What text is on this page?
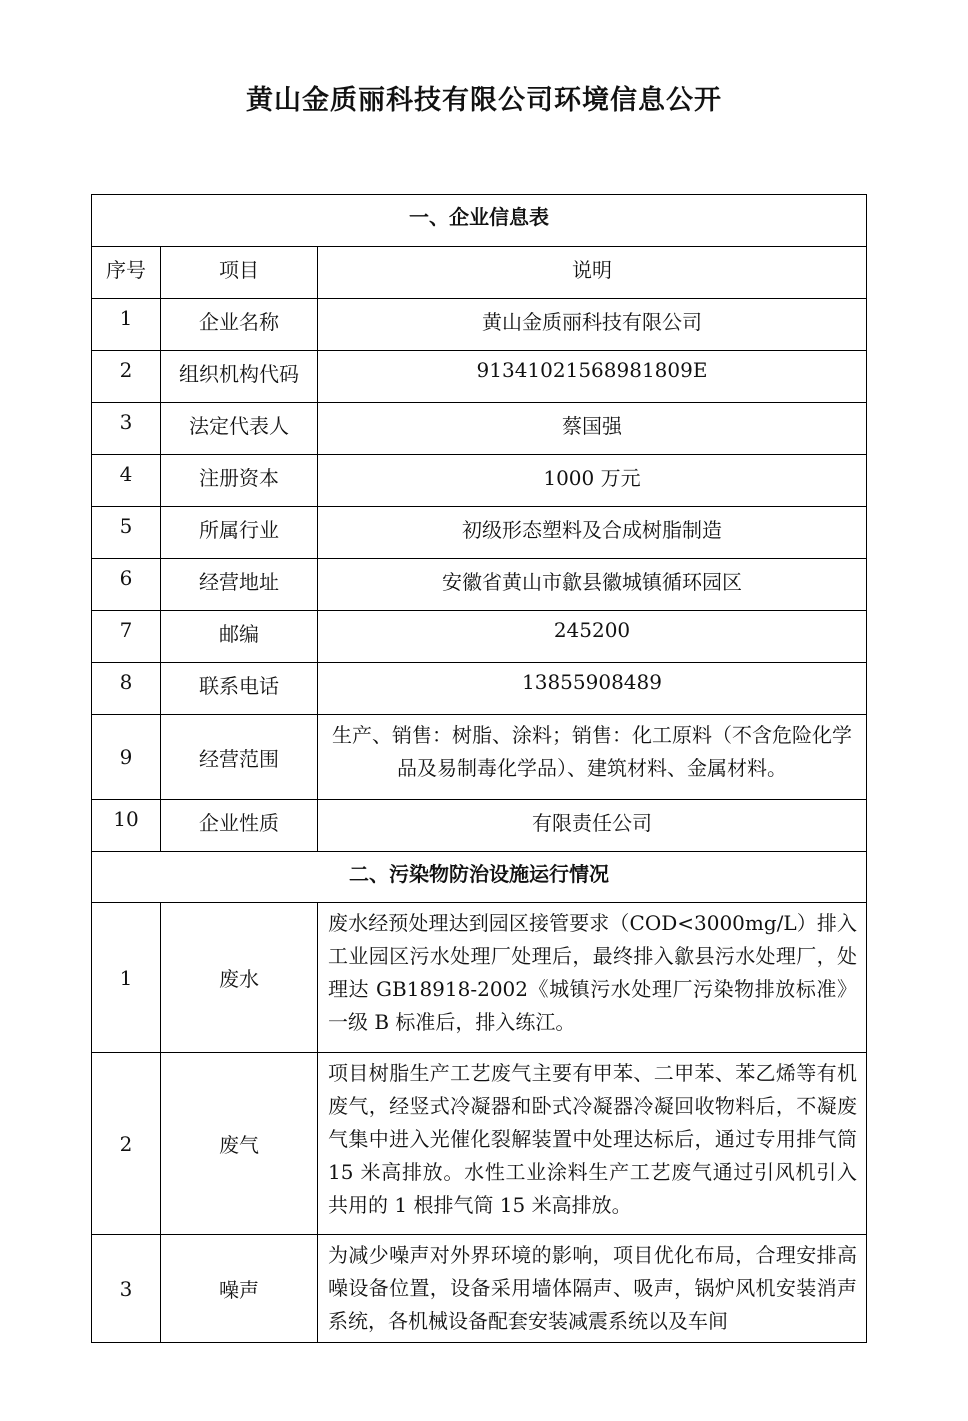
黄山金质丽科技有限公司环境信息公开
一、企业信息表		
序号	项目	说明
1	企业名称	黄山金质丽科技有限公司
2	组织机构代码	91341021568981809E
3	法定代表人	蔡国强
4	注册资本	1000 万元
5	所属行业	初级形态塑料及合成树脂制造
6	经营地址	安徽省黄山市歙县徽城镇循环园区
7	邮编	245200
8	联系电话	13855908489
9	经营范围	生产、销售：树脂、涂料；销售：化工原料（不含危险化学品及易制毒化学品）、建筑材料、金属材料。
10	企业性质	有限责任公司
二、污染物防治设施运行情况		
1	废水	废水经预处理达到园区接管要求（COD<3000mg/L）排入工业园区污水处理厂处理后，最终排入歙县污水处理厂，处理达 GB18918-2002《城镇污水处理厂污染物排放标准》一级 B 标准后，排入练江。
2	废气	项目树脂生产工艺废气主要有甲苯、二甲苯、苯乙烯等有机废气，经竖式冷凝器和卧式冷凝器冷凝回收物料后，不凝废气集中进入光催化裂解装置中处理达标后，通过专用排气筒 15 米高排放。水性工业涂料生产工艺废气通过引风机引入共用的 1 根排气筒 15 米高排放。
3	噪声	为减少噪声对外界环境的影响，项目优化布局，合理安排高噪设备位置，设备采用墙体隔声、吸声，锅炉风机安装消声系统，各机械设备配套安装减震系统以及车间
